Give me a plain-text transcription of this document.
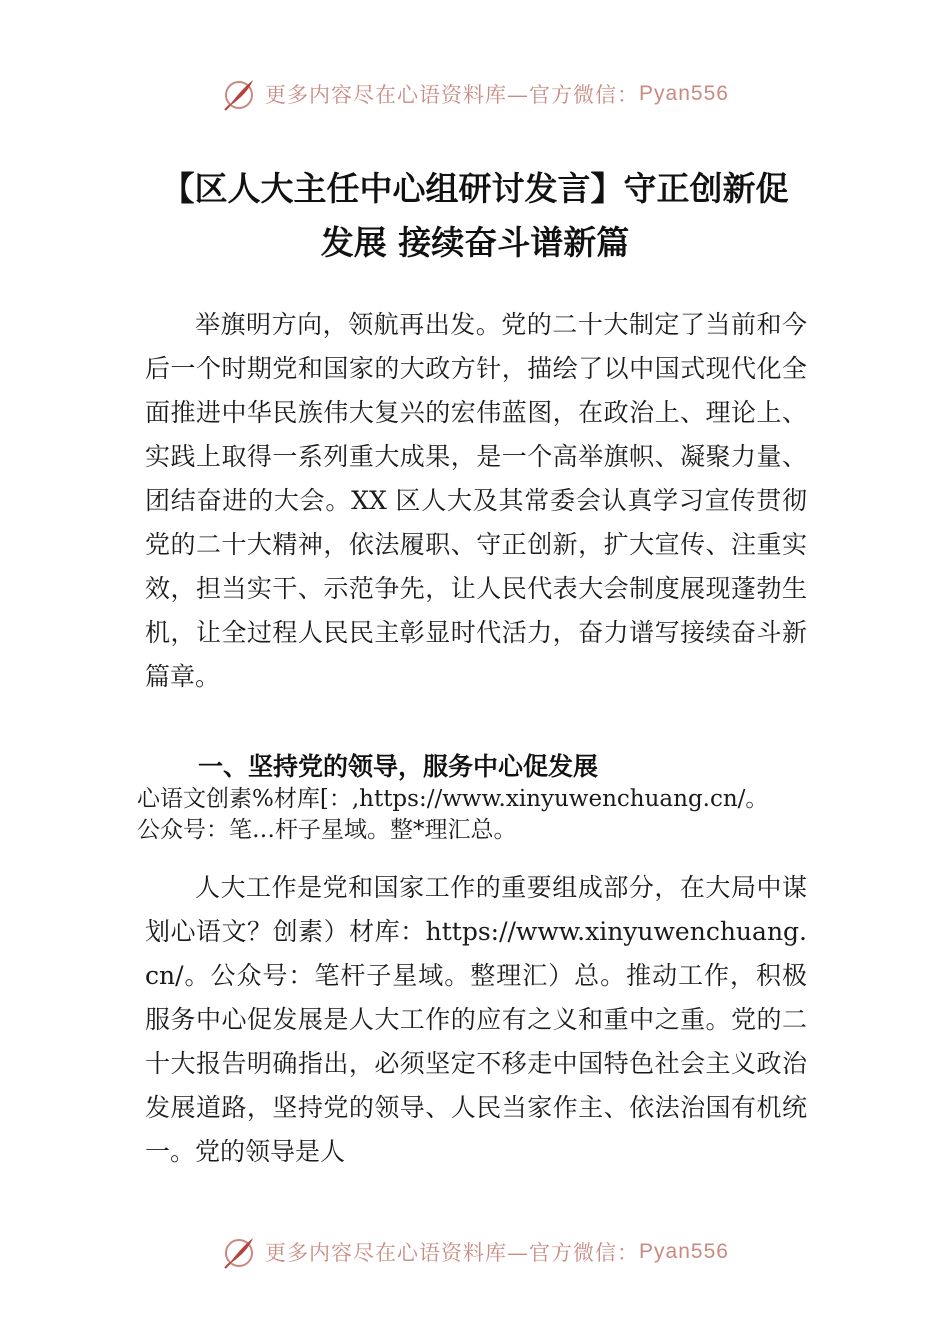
更多内容尽在心语资料库—官方微信： Pyan556
【区人大主任中心组研讨发言】守正创新促
发展 接续奋斗谱新篇

举旗明方向，领航再出发。党的二十大制定了当前和今后一个时期党和国家的大政方针，描绘了以中国式现代化全面推进中华民族伟大复兴的宏伟蓝图，在政治上、理论上、实践上取得一系列重大成果，是一个高举旗帜、凝聚力量、团结奋进的大会。XX 区人大及其常委会认真学习宣传贯彻党的二十大精神，依法履职、守正创新，扩大宣传、注重实效，担当实干、示范争先，让人民代表大会制度展现蓬勃生机，让全过程人民民主彰显时代活力，奋力谱写接续奋斗新篇章。

一、坚持党的领导，服务中心促发展
心语文创素%材库[：,https://www.xinyuwenchuang.cn/。
公众号：笔…杆子星域。整*理汇总。

人大工作是党和国家工作的重要组成部分，在大局中谋划心语文？创素）材库：https://www.xinyuwenchuang.cn/。公众号：笔杆子星域。整理汇）总。推动工作，积极服务中心促发展是人大工作的应有之义和重中之重。党的二十大报告明确指出，必须坚定不移走中国特色社会主义政治发展道路，坚持党的领导、人民当家作主、依法治国有机统一。党的领导是人

更多内容尽在心语资料库—官方微信： Pyan556
